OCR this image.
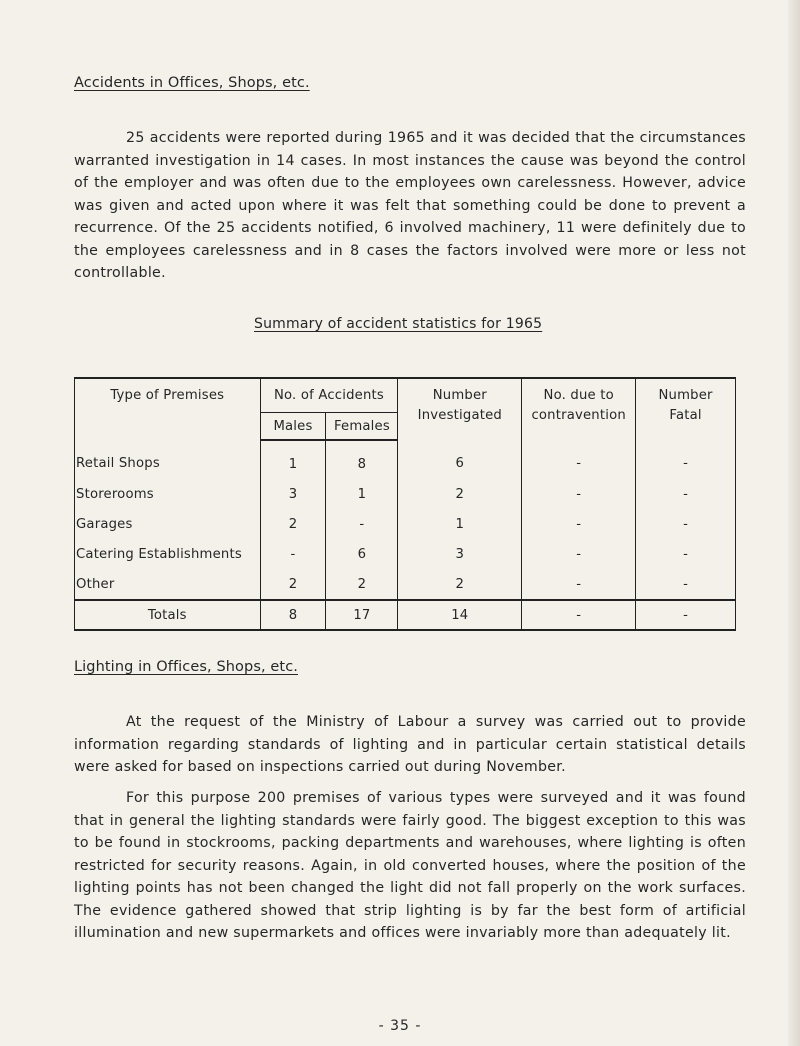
Accidents in Offices, Shops, etc.

25 accidents were reported during 1965 and it was decided that the circumstances warranted investigation in 14 cases. In most instances the cause was beyond the control of the employer and was often due to the employees own carelessness. However, advice was given and acted upon where it was felt that something could be done to prevent a recurrence. Of the 25 accidents notified, 6 involved machinery, 11 were definitely due to the employees carelessness and in 8 cases the factors involved were more or less not controllable.

Summary of accident statistics for 1965
Type of Premises	No. of Accidents		Number Investigated	No. due to contravention	Number Fatal
	Males	Females			
Retail Shops	1	8	6	-	-
Storerooms	3	1	2	-	-
Garages	2	-	1	-	-
Catering Establishments	-	6	3	-	-
Other	2	2	2	-	-
Totals	8	17	14	-	-
Lighting in Offices, Shops, etc.

At the request of the Ministry of Labour a survey was carried out to provide information regarding standards of lighting and in particular certain statistical details were asked for based on inspections carried out during November.

For this purpose 200 premises of various types were surveyed and it was found that in general the lighting standards were fairly good. The biggest exception to this was to be found in stockrooms, packing departments and warehouses, where lighting is often restricted for security reasons. Again, in old converted houses, where the position of the lighting points has not been changed the light did not fall properly on the work surfaces. The evidence gathered showed that strip lighting is by far the best form of artificial illumination and new supermarkets and offices were invariably more than adequately lit.

- 35 -
